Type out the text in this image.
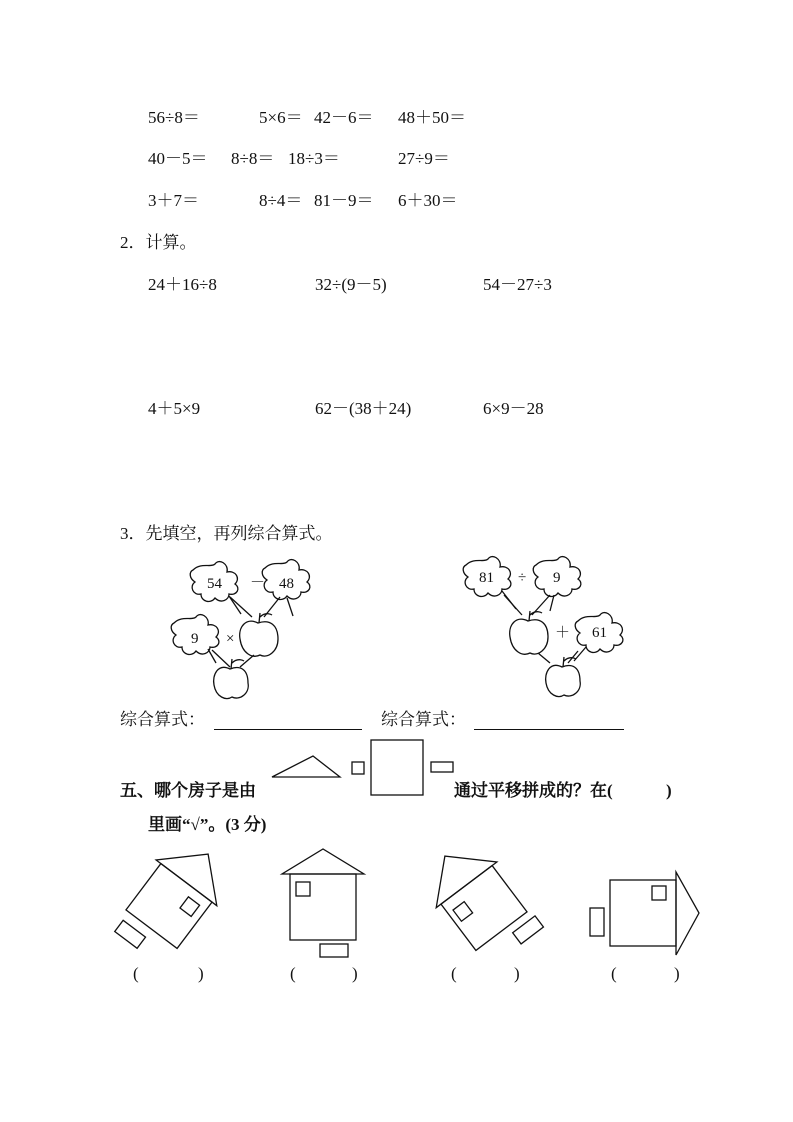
56÷8＝	5×6＝ 42－6＝ 48＋50＝
40－5＝ 8÷8＝ 18÷3＝	27÷9＝
3＋7＝	8÷4＝ 81－9＝ 6＋30＝
2．计算。
24＋16÷8	32÷(9－5)	54－27÷3
4＋5×9	62－(38＋24)	6×9－28
3．先填空，再列综合算式。
54 － 48
9 ×
81 ÷ 9
＋ 61
综合算式：	综合算式：
五、哪个房子是由	通过平移拼成的？在(	)
里画“√”。(3 分)
(	)	(	)	(	)	(	)
